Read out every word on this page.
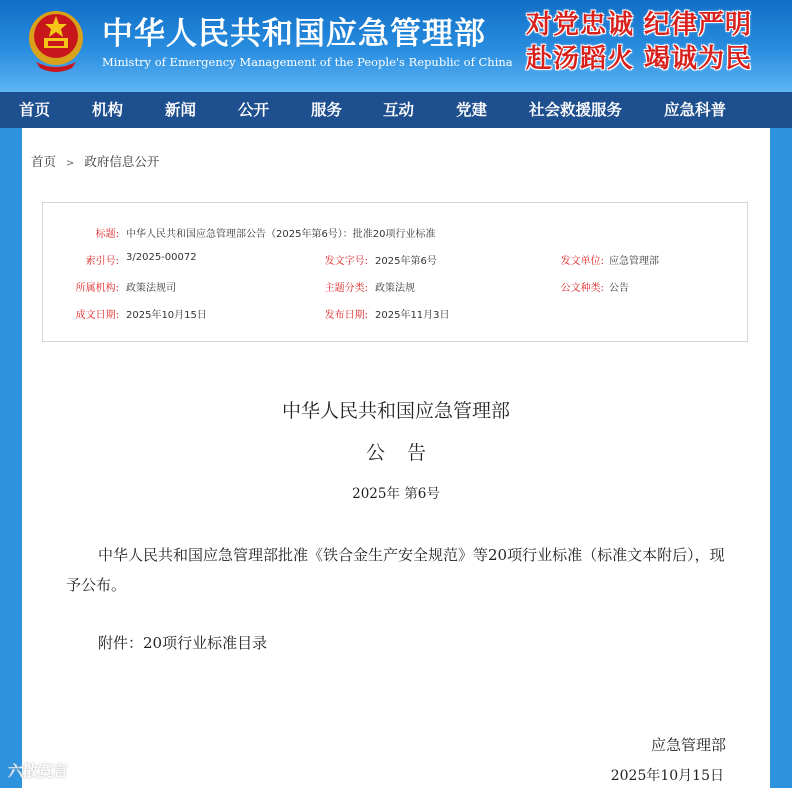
中华人民共和国应急管理部
Ministry of Emergency Management of the People's Republic of China
对党忠诚 纪律严明
赴汤蹈火 竭诚为民
首页	机构	新闻	公开	服务	互动	党建	社会救援服务	应急科普
首页 > 政府信息公开
标题: 中华人民共和国应急管理部公告（2025年第6号）：批准20项行业标准
索引号: 3/2025-00072	发文字号: 2025年第6号	发文单位: 应急管理部
所属机构: 政策法规司	主题分类: 政策法规	公文种类: 公告
成文日期: 2025年10月15日	发布日期: 2025年11月3日
中华人民共和国应急管理部
公告
2025年 第6号
中华人民共和国应急管理部批准《铁合金生产安全规范》等20项行业标准（标准文本附后），现予公布。
附件：20项行业标准目录
应急管理部
2025年10月15日
六散寞言
